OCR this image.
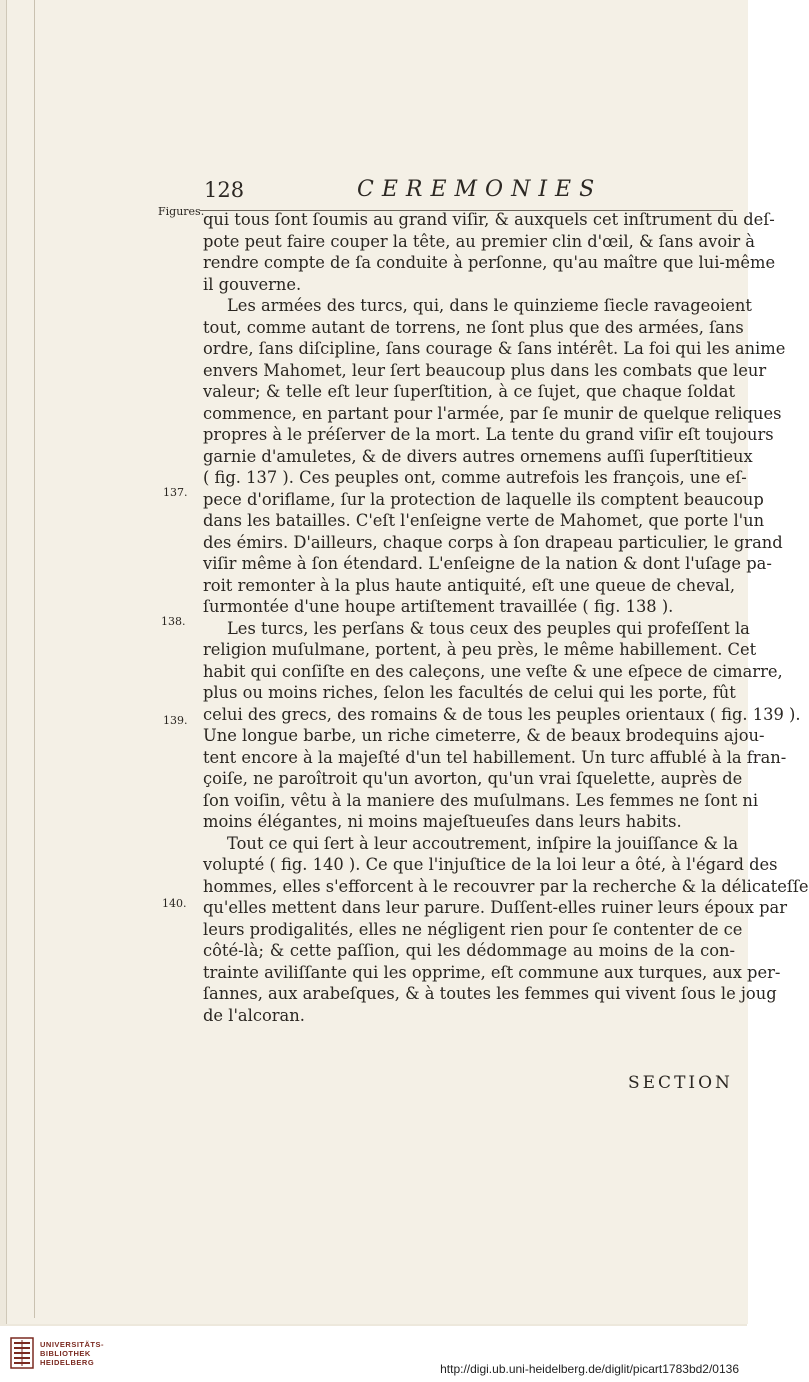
128	CEREMONIES
Figures.
137.
138.
139.
140.
qui tous ſont ſoumis au grand viſir, & auxquels cet inſtrument du deſ-
pote peut faire couper la tête, au premier clin d'œil, & ſans avoir à
rendre compte de ſa conduite à perſonne, qu'au maître que lui-même
il gouverne.
Les armées des turcs, qui, dans le quinzieme ſiecle ravageoient
tout, comme autant de torrens, ne ſont plus que des armées, ſans
ordre, ſans diſcipline, ſans courage & ſans intérêt. La foi qui les anime
envers Mahomet, leur ſert beaucoup plus dans les combats que leur
valeur; & telle eſt leur ſuperſtition, à ce ſujet, que chaque ſoldat
commence, en partant pour l'armée, par ſe munir de quelque reliques
propres à le préſerver de la mort. La tente du grand viſir eſt toujours
garnie d'amuletes, & de divers autres ornemens auſſi ſuperſtitieux
( fig. 137 ). Ces peuples ont, comme autrefois les françois, une eſ-
pece d'oriflame, ſur la protection de laquelle ils comptent beaucoup
dans les batailles. C'eſt l'enſeigne verte de Mahomet, que porte l'un
des émirs. D'ailleurs, chaque corps à ſon drapeau particulier, le grand
viſir même à ſon étendard. L'enſeigne de la nation & dont l'uſage pa-
roit remonter à la plus haute antiquité, eſt une queue de cheval,
ſurmontée d'une houpe artiſtement travaillée ( fig. 138 ).
Les turcs, les perſans & tous ceux des peuples qui profeſſent la
religion muſulmane, portent, à peu près, le même habillement. Cet
habit qui conſiſte en des caleçons, une veſte & une eſpece de cimarre,
plus ou moins riches, ſelon les facultés de celui qui les porte, fût
celui des grecs, des romains & de tous les peuples orientaux ( fig. 139 ).
Une longue barbe, un riche cimeterre, & de beaux brodequins ajou-
tent encore à la majeſté d'un tel habillement. Un turc affublé à la fran-
çoiſe, ne paroîtroit qu'un avorton, qu'un vrai ſquelette, auprès de
ſon voiſin, vêtu à la maniere des muſulmans. Les femmes ne ſont ni
moins élégantes, ni moins majeſtueuſes dans leurs habits.
Tout ce qui ſert à leur accoutrement, inſpire la jouiſſance & la
volupté ( fig. 140 ). Ce que l'injuſtice de la loi leur a ôté, à l'égard des
hommes, elles s'efforcent à le recouvrer par la recherche & la délicateſſe
qu'elles mettent dans leur parure. Duſſent-elles ruiner leurs époux par
leurs prodigalités, elles ne négligent rien pour ſe contenter de ce
côté-là; & cette paſſion, qui les dédommage au moins de la con-
trainte aviliſſante qui les opprime, eſt commune aux turques, aux per-
ſannes, aux arabeſques, & à toutes les femmes qui vivent ſous le joug
de l'alcoran.
SECTION
UNIVERSITÄTS-
BIBLIOTHEK
HEIDELBERG	http://digi.ub.uni-heidelberg.de/diglit/picart1783bd2/0136
